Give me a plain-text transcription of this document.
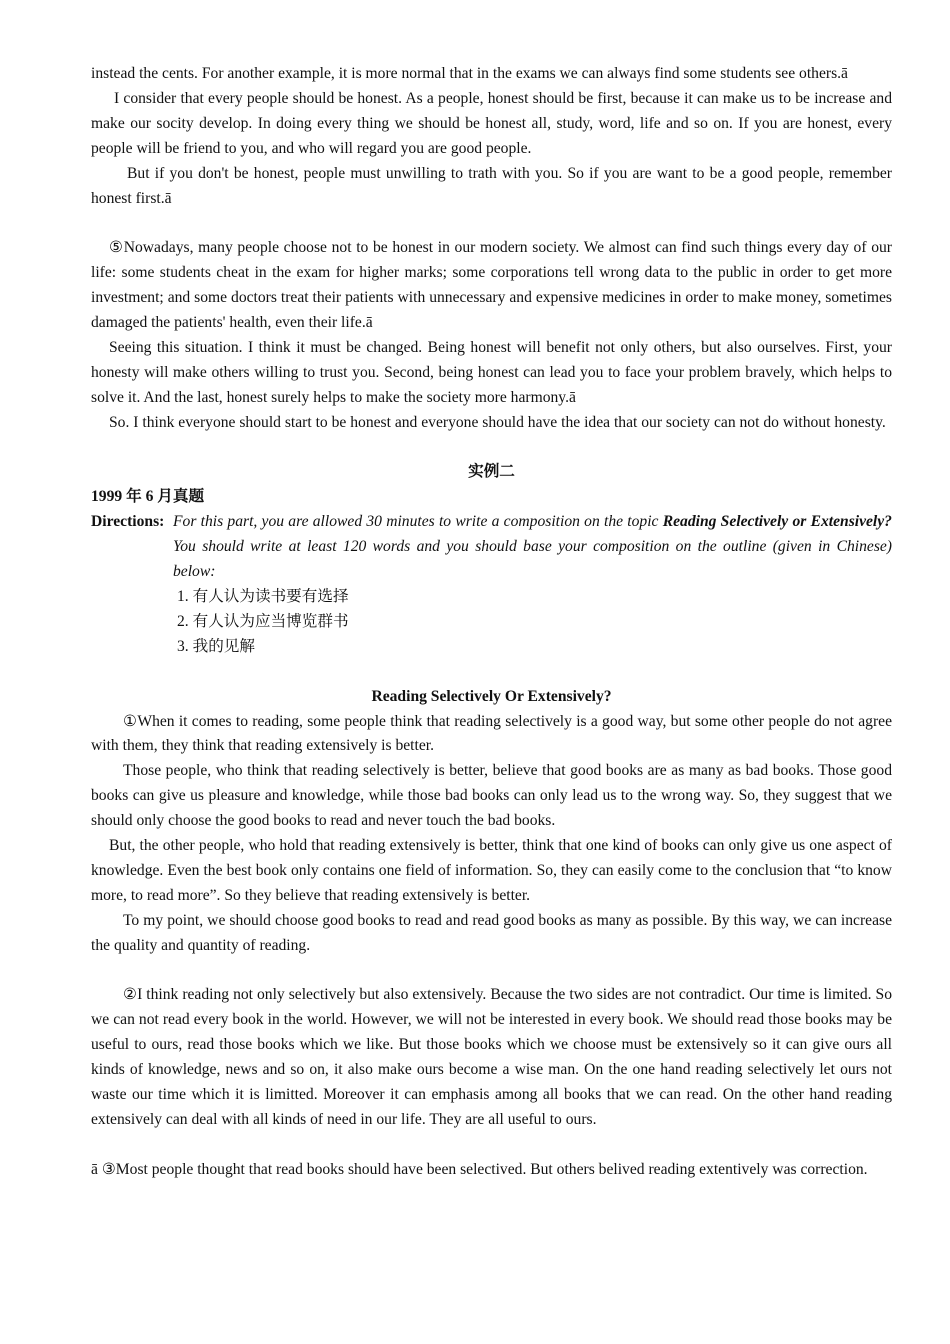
instead the cents. For another example, it is more normal that in the exams we can always find some students see others.ā

I consider that every people should be honest. As a people, honest should be first, because it can make us to be increase and make our socity develop. In doing every thing we should be honest all, study, word, life and so on. If you are honest, every people will be friend to you, and who will regard you are good people.

But if you don't be honest, people must unwilling to trath with you. So if you are want to be a good people, remember honest first.ā

⑤Nowadays, many people choose not to be honest in our modern society. We almost can find such things every day of our life: some students cheat in the exam for higher marks; some corporations tell wrong data to the public in order to get more investment; and some doctors treat their patients with unnecessary and expensive medicines in order to make money, sometimes damaged the patients' health, even their life.ā

Seeing this situation. I think it must be changed. Being honest will benefit not only others, but also ourselves. First, your honesty will make others willing to trust you. Second, being honest can lead you to face your problem bravely, which helps to solve it. And the last, honest surely helps to make the society more harmony.ā

So. I think everyone should start to be honest and everyone should have the idea that our society can not do without honesty.

实例二

1999 年 6 月真题

Directions: For this part, you are allowed 30 minutes to write a composition on the topic Reading Selectively or Extensively? You should write at least 120 words and you should base your composition on the outline (given in Chinese) below:
1. 有人认为读书要有选择
2. 有人认为应当博览群书
3. 我的见解

Reading Selectively Or Extensively?

①When it comes to reading, some people think that reading selectively is a good way, but some other people do not agree with them, they think that reading extensively is better.

Those people, who think that reading selectively is better, believe that good books are as many as bad books. Those good books can give us pleasure and knowledge, while those bad books can only lead us to the wrong way. So, they suggest that we should only choose the good books to read and never touch the bad books.

But, the other people, who hold that reading extensively is better, think that one kind of books can only give us one aspect of knowledge. Even the best book only contains one field of information. So, they can easily come to the conclusion that “to know more, to read more”. So they believe that reading extensively is better.

To my point, we should choose good books to read and read good books as many as possible. By this way, we can increase the quality and quantity of reading.

②I think reading not only selectively but also extensively. Because the two sides are not contradict. Our time is limited. So we can not read every book in the world. However, we will not be interested in every book. We should read those books may be useful to ours, read those books which we like. But those books which we choose must be extensively so it can give ours all kinds of knowledge, news and so on, it also make ours become a wise man. On the one hand reading selectively let ours not waste our time which it is limitted. Moreover it can emphasis among all books that we can read. On the other hand reading extensively can deal with all kinds of need in our life. They are all useful to ours.

ā ③Most people thought that read books should have been selectived. But others belived reading extentively was correction.
